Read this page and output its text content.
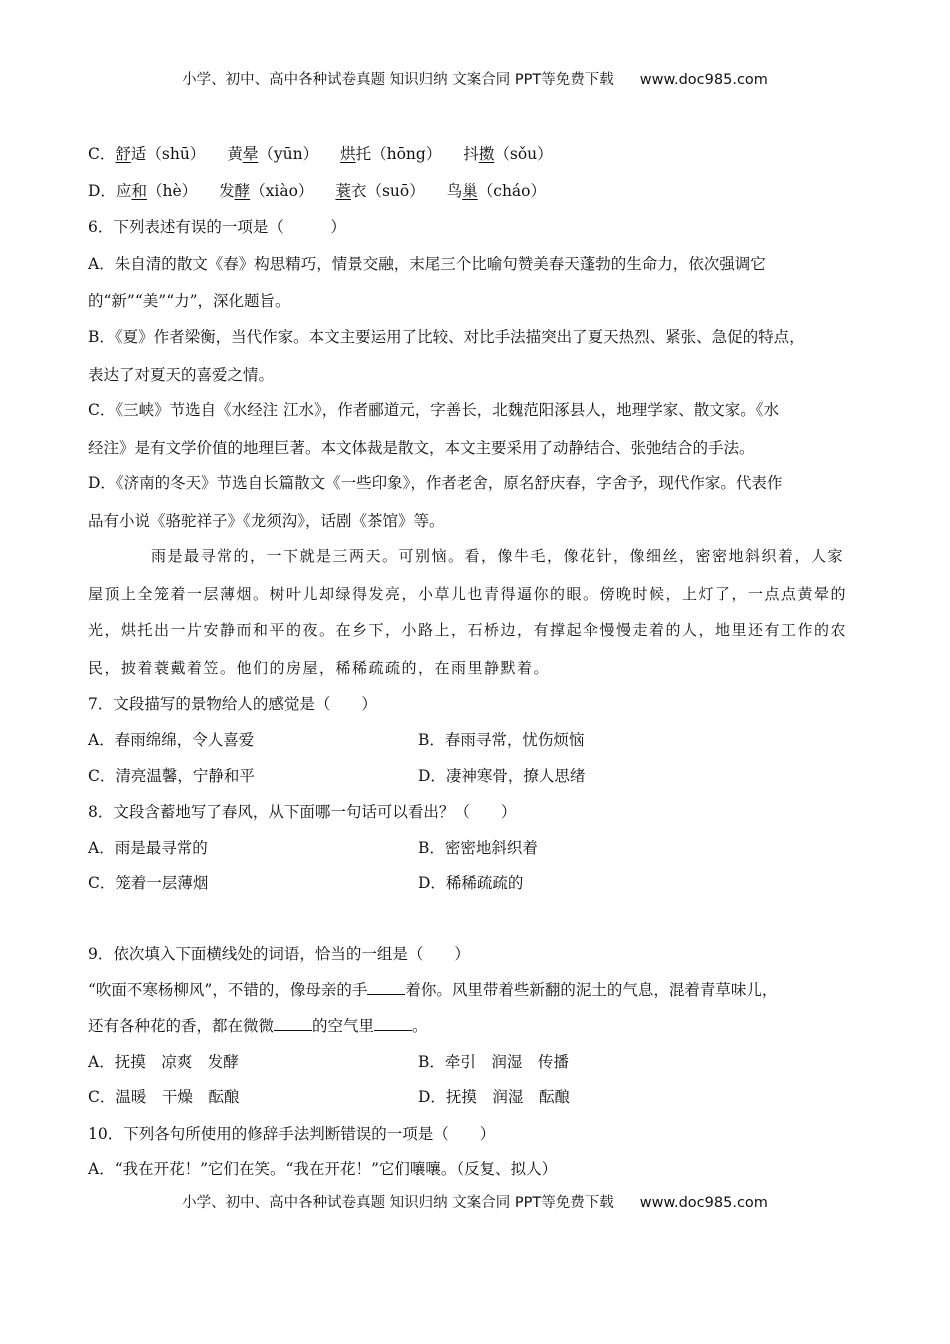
小学、初中、高中各种试卷真题 知识归纳 文案合同 PPT等免费下载 www.doc985.com
C．舒适（shū） 黄晕（yūn） 烘托（hōng） 抖擞（sǒu）
D．应和（hè） 发酵（xiào） 蓑衣（suō） 鸟巢（cháo）
6．下列表述有误的一项是（　　　）
A．朱自清的散文《春》构思精巧，情景交融，末尾三个比喻句赞美春天蓬勃的生命力，依次强调它
的“新”“美”“力”，深化题旨。
B．《夏》作者梁衡，当代作家。本文主要运用了比较、对比手法描突出了夏天热烈、紧张、急促的特点，
表达了对夏天的喜爱之情。
C．《三峡》节选自《水经注 江水》，作者郦道元，字善长，北魏范阳涿县人，地理学家、散文家。《水
经注》是有文学价值的地理巨著。本文体裁是散文，本文主要采用了动静结合、张弛结合的手法。
D．《济南的冬天》节选自长篇散文《一些印象》，作者老舍，原名舒庆春，字舍予，现代作家。代表作
品有小说《骆驼祥子》《龙须沟》，话剧《茶馆》等。
雨是最寻常的，一下就是三两天。可别恼。看，像牛毛，像花针，像细丝，密密地斜织着，人家
屋顶上全笼着一层薄烟。树叶儿却绿得发亮，小草儿也青得逼你的眼。傍晚时候，上灯了，一点点黄晕的
光，烘托出一片安静而和平的夜。在乡下，小路上，石桥边，有撑起伞慢慢走着的人，地里还有工作的农
民，披着蓑戴着笠。他们的房屋，稀稀疏疏的，在雨里静默着。
7．文段描写的景物给人的感觉是（　　）
A．春雨绵绵，令人喜爱	B．春雨寻常，忧伤烦恼
C．清亮温馨，宁静和平	D．凄神寒骨，撩人思绪
8．文段含蓄地写了春风，从下面哪一句话可以看出？（　　）
A．雨是最寻常的	B．密密地斜织着
C．笼着一层薄烟	D．稀稀疏疏的
9．依次填入下面横线处的词语，恰当的一组是（　　）
“吹面不寒杨柳风”，不错的，像母亲的手 着你。风里带着些新翻的泥土的气息，混着青草味儿，
还有各种花的香，都在微微 的空气里 。
A．抚摸　凉爽　发酵	B．牵引　润湿　传播
C．温暖　干燥　酝酿	D．抚摸　润湿　酝酿
10．下列各句所使用的修辞手法判断错误的一项是（　　）
A．“我在开花！”它们在笑。“我在开花！”它们嚷嚷。（反复、拟人）
小学、初中、高中各种试卷真题 知识归纳 文案合同 PPT等免费下载 www.doc985.com
